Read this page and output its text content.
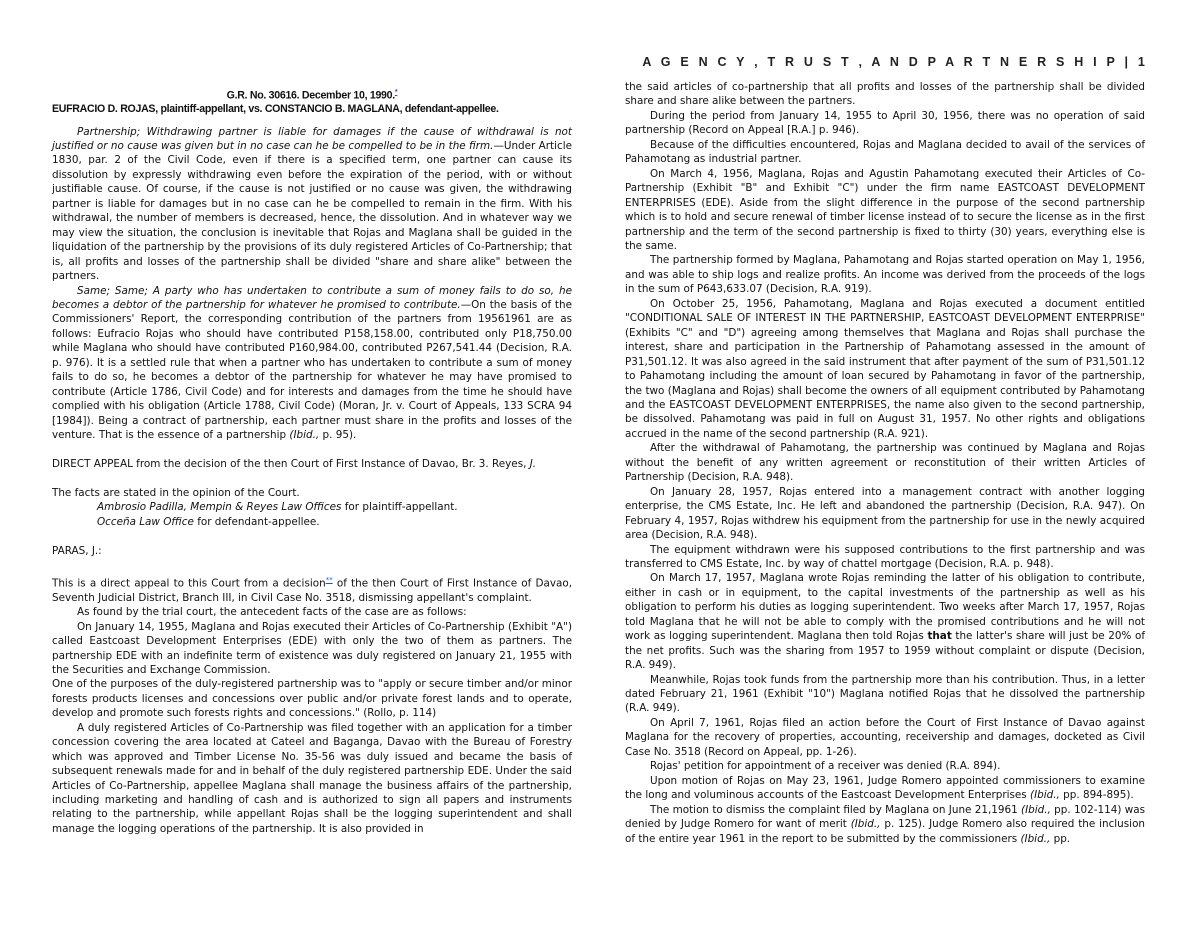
A G E N C Y , T R U S T , A N D P A R T N E R S H I P | 1
G.R. No. 30616. December 10, 1990.*
EUFRACIO D. ROJAS, plaintiff-appellant, vs. CONSTANCIO B. MAGLANA, defendant-appellee.

Partnership; Withdrawing partner is liable for damages if the cause of withdrawal is not justified or no cause was given but in no case can he be compelled to be in the firm.—Under Article 1830, par. 2 of the Civil Code, even if there is a specified term, one partner can cause its dissolution by expressly withdrawing even before the expiration of the period, with or without justifiable cause. Of course, if the cause is not justified or no cause was given, the withdrawing partner is liable for damages but in no case can he be compelled to remain in the firm. With his withdrawal, the number of members is decreased, hence, the dissolution. And in whatever way we may view the situation, the conclusion is inevitable that Rojas and Maglana shall be guided in the liquidation of the partnership by the provisions of its duly registered Articles of Co-Partnership; that is, all profits and losses of the partnership shall be divided "share and share alike" between the partners.

Same; Same; A party who has undertaken to contribute a sum of money fails to do so, he becomes a debtor of the partnership for whatever he promised to contribute.—On the basis of the Commissioners' Report, the corresponding contribution of the partners from 19561961 are as follows: Eufracio Rojas who should have contributed P158,158.00, contributed only P18,750.00 while Maglana who should have contributed P160,984.00, contributed P267,541.44 (Decision, R.A. p. 976). It is a settled rule that when a partner who has undertaken to contribute a sum of money fails to do so, he becomes a debtor of the partnership for whatever he may have promised to contribute (Article 1786, Civil Code) and for interests and damages from the time he should have complied with his obligation (Article 1788, Civil Code) (Moran, Jr. v. Court of Appeals, 133 SCRA 94 [1984]). Being a contract of partnership, each partner must share in the profits and losses of the venture. That is the essence of a partnership (Ibid., p. 95).

DIRECT APPEAL from the decision of the then Court of First Instance of Davao, Br. 3. Reyes, J.

The facts are stated in the opinion of the Court.

Ambrosio Padilla, Mempin & Reyes Law Offices for plaintiff-appellant.

Occeña Law Office for defendant-appellee.

PARAS, J.:

This is a direct appeal to this Court from a decision** of the then Court of First Instance of Davao, Seventh Judicial District, Branch III, in Civil Case No. 3518, dismissing appellant's complaint.

As found by the trial court, the antecedent facts of the case are as follows:

On January 14, 1955, Maglana and Rojas executed their Articles of Co-Partnership (Exhibit "A") called Eastcoast Development Enterprises (EDE) with only the two of them as partners. The partnership EDE with an indefinite term of existence was duly registered on January 21, 1955 with the Securities and Exchange Commission.

One of the purposes of the duly-registered partnership was to "apply or secure timber and/or minor forests products licenses and concessions over public and/or private forest lands and to operate, develop and promote such forests rights and concessions." (Rollo, p. 114)

A duly registered Articles of Co-Partnership was filed together with an application for a timber concession covering the area located at Cateel and Baganga, Davao with the Bureau of Forestry which was approved and Timber License No. 35-56 was duly issued and became the basis of subsequent renewals made for and in behalf of the duly registered partnership EDE. Under the said Articles of Co-Partnership, appellee Maglana shall manage the business affairs of the partnership, including marketing and handling of cash and is authorized to sign all papers and instruments relating to the partnership, while appellant Rojas shall be the logging superintendent and shall manage the logging operations of the partnership. It is also provided in

the said articles of co-partnership that all profits and losses of the partnership shall be divided share and share alike between the partners.

During the period from January 14, 1955 to April 30, 1956, there was no operation of said partnership (Record on Appeal [R.A.] p. 946).

Because of the difficulties encountered, Rojas and Maglana decided to avail of the services of Pahamotang as industrial partner.

On March 4, 1956, Maglana, Rojas and Agustin Pahamotang executed their Articles of Co-Partnership (Exhibit "B" and Exhibit "C") under the firm name EASTCOAST DEVELOPMENT ENTERPRISES (EDE). Aside from the slight difference in the purpose of the second partnership which is to hold and secure renewal of timber license instead of to secure the license as in the first partnership and the term of the second partnership is fixed to thirty (30) years, everything else is the same.

The partnership formed by Maglana, Pahamotang and Rojas started operation on May 1, 1956, and was able to ship logs and realize profits. An income was derived from the proceeds of the logs in the sum of P643,633.07 (Decision, R.A. 919).

On October 25, 1956, Pahamotang, Maglana and Rojas executed a document entitled "CONDITIONAL SALE OF INTEREST IN THE PARTNERSHIP, EASTCOAST DEVELOPMENT ENTERPRISE" (Exhibits "C" and "D") agreeing among themselves that Maglana and Rojas shall purchase the interest, share and participation in the Partnership of Pahamotang assessed in the amount of P31,501.12. It was also agreed in the said instrument that after payment of the sum of P31,501.12 to Pahamotang including the amount of loan secured by Pahamotang in favor of the partnership, the two (Maglana and Rojas) shall become the owners of all equipment contributed by Pahamotang and the EASTCOAST DEVELOPMENT ENTERPRISES, the name also given to the second partnership, be dissolved. Pahamotang was paid in full on August 31, 1957. No other rights and obligations accrued in the name of the second partnership (R.A. 921).

After the withdrawal of Pahamotang, the partnership was continued by Maglana and Rojas without the benefit of any written agreement or reconstitution of their written Articles of Partnership (Decision, R.A. 948).

On January 28, 1957, Rojas entered into a management contract with another logging enterprise, the CMS Estate, Inc. He left and abandoned the partnership (Decision, R.A. 947). On February 4, 1957, Rojas withdrew his equipment from the partnership for use in the newly acquired area (Decision, R.A. 948).

The equipment withdrawn were his supposed contributions to the first partnership and was transferred to CMS Estate, Inc. by way of chattel mortgage (Decision, R.A. p. 948).

On March 17, 1957, Maglana wrote Rojas reminding the latter of his obligation to contribute, either in cash or in equipment, to the capital investments of the partnership as well as his obligation to perform his duties as logging superintendent. Two weeks after March 17, 1957, Rojas told Maglana that he will not be able to comply with the promised contributions and he will not work as logging superintendent. Maglana then told Rojas that the latter's share will just be 20% of the net profits. Such was the sharing from 1957 to 1959 without complaint or dispute (Decision, R.A. 949).

Meanwhile, Rojas took funds from the partnership more than his contribution. Thus, in a letter dated February 21, 1961 (Exhibit "10") Maglana notified Rojas that he dissolved the partnership (R.A. 949).

On April 7, 1961, Rojas filed an action before the Court of First Instance of Davao against Maglana for the recovery of properties, accounting, receivership and damages, docketed as Civil Case No. 3518 (Record on Appeal, pp. 1-26).

Rojas' petition for appointment of a receiver was denied (R.A. 894).

Upon motion of Rojas on May 23, 1961, Judge Romero appointed commissioners to examine the long and voluminous accounts of the Eastcoast Development Enterprises (Ibid., pp. 894-895).

The motion to dismiss the complaint filed by Maglana on June 21,1961 (Ibid., pp. 102-114) was denied by Judge Romero for want of merit (Ibid., p. 125). Judge Romero also required the inclusion of the entire year 1961 in the report to be submitted by the commissioners (Ibid., pp.
